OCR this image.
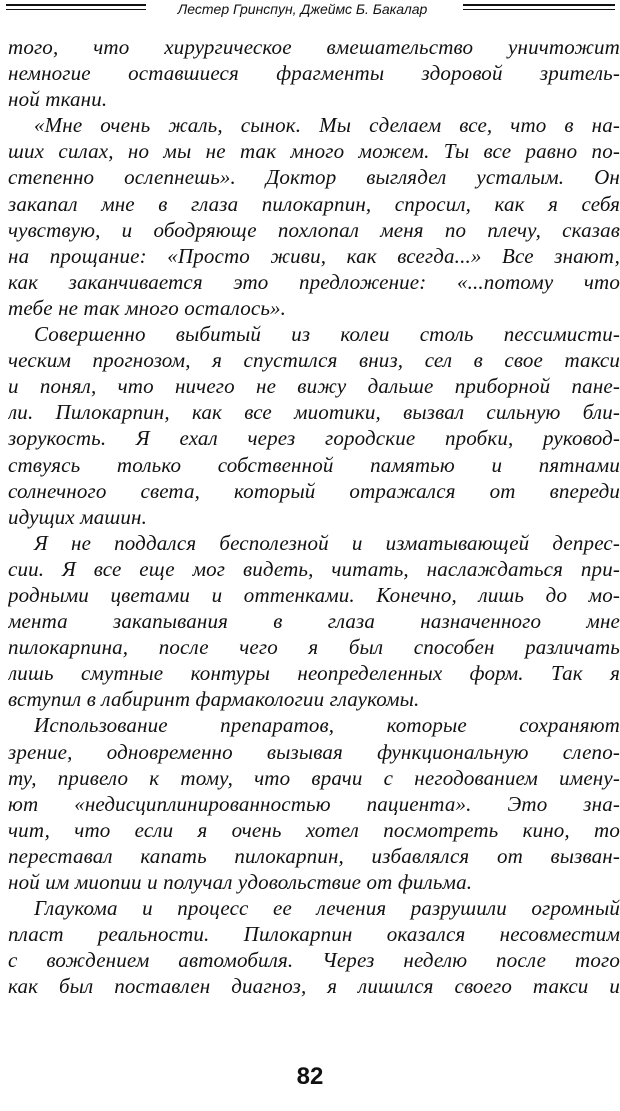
Лестер Гринспун, Джеймс Б. Бакалар
того, что хирургическое вмешательство уничтожит
немногие оставшиеся фрагменты здоровой зритель-
ной ткани.
«Мне очень жаль, сынок. Мы сделаем все, что в на-
ших силах, но мы не так много можем. Ты все равно по-
степенно ослепнешь». Доктор выглядел усталым. Он
закапал мне в глаза пилокарпин, спросил, как я себя
чувствую, и ободряюще похлопал меня по плечу, сказав
на прощание: «Просто живи, как всегда...» Все знают,
как заканчивается это предложение: «...потому что
тебе не так много осталось».
Совершенно выбитый из колеи столь пессимисти-
ческим прогнозом, я спустился вниз, сел в свое такси
и понял, что ничего не вижу дальше приборной пане-
ли. Пилокарпин, как все миотики, вызвал сильную бли-
зорукость. Я ехал через городские пробки, руковод-
ствуясь только собственной памятью и пятнами
солнечного света, который отражался от впереди
идущих машин.
Я не поддался бесполезной и изматывающей депрес-
сии. Я все еще мог видеть, читать, наслаждаться при-
родными цветами и оттенками. Конечно, лишь до мо-
мента закапывания в глаза назначенного мне
пилокарпина, после чего я был способен различать
лишь смутные контуры неопределенных форм. Так я
вступил в лабиринт фармакологии глаукомы.
Использование препаратов, которые сохраняют
зрение, одновременно вызывая функциональную слепо-
ту, привело к тому, что врачи с негодованием имену-
ют «недисциплинированностью пациента». Это зна-
чит, что если я очень хотел посмотреть кино, то
переставал капать пилокарпин, избавлялся от вызван-
ной им миопии и получал удовольствие от фильма.
Глаукома и процесс ее лечения разрушили огромный
пласт реальности. Пилокарпин оказался несовместим
с вождением автомобиля. Через неделю после того
как был поставлен диагноз, я лишился своего такси и
82
